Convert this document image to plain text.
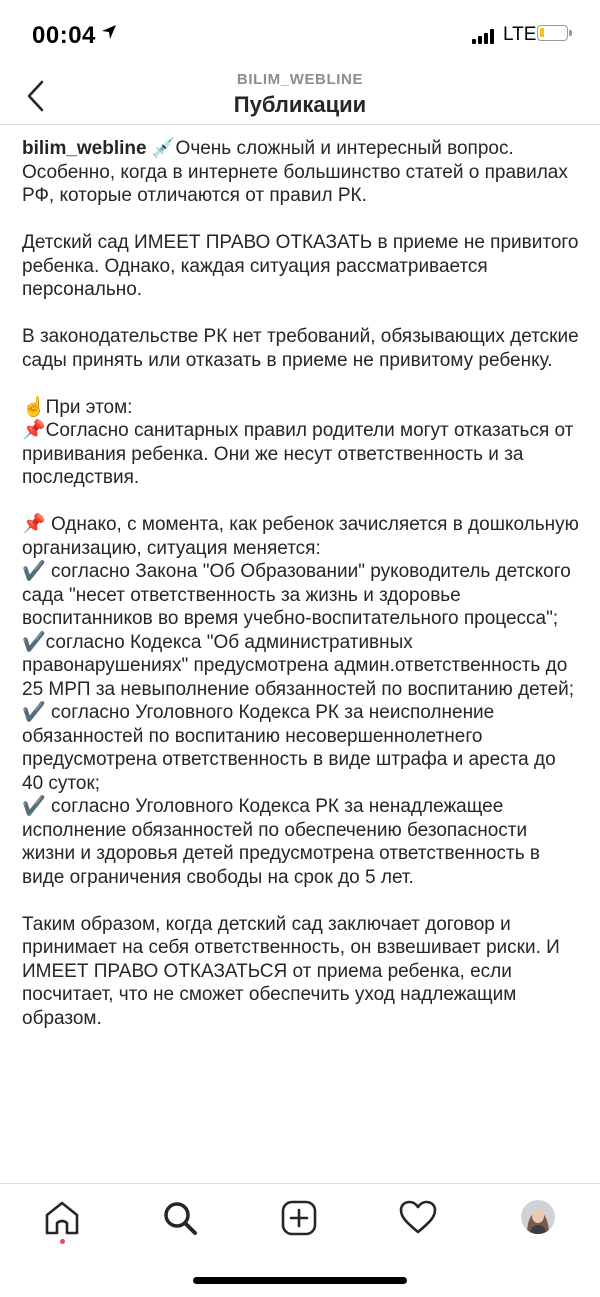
00:04	LTE
BILIM_WEBLINE
Публикации

bilim_webline 💉Очень сложный и интересный вопрос. Особенно, когда в интернете большинство статей о правилах РФ, которые отличаются от правил РК.

Детский сад ИМЕЕТ ПРАВО ОТКАЗАТЬ в приеме не привитого ребенка. Однако, каждая ситуация рассматривается персонально.

В законодательстве РК нет требований, обязывающих детские сады принять или отказать в приеме не привитому ребенку.

☝️При этом:
📌Согласно санитарных правил родители могут отказаться от прививания ребенка. Они же несут ответственность и за последствия.

📌 Однако, с момента, как ребенок зачисляется в дошкольную организацию, ситуация меняется:
✔️ согласно Закона "Об Образовании" руководитель детского сада "несет ответственность за жизнь и здоровье воспитанников во время учебно-воспитательного процесса";
✔️согласно Кодекса "Об административных правонарушениях" предусмотрена админ.ответственность до 25 МРП за невыполнение обязанностей по воспитанию детей;
✔️ согласно Уголовного Кодекса РК за неисполнение обязанностей по воспитанию несовершеннолетнего предусмотрена ответственность в виде штрафа и ареста до 40 суток;
✔️ согласно Уголовного Кодекса РК за ненадлежащее исполнение обязанностей по обеспечению безопасности жизни и здоровья детей предусмотрена ответственность в виде ограничения свободы на срок до 5 лет.

Таким образом, когда детский сад заключает договор и принимает на себя ответственность, он взвешивает риски. И ИМЕЕТ ПРАВО ОТКАЗАТЬСЯ от приема ребенка, если посчитает, что не сможет обеспечить уход надлежащим образом.
